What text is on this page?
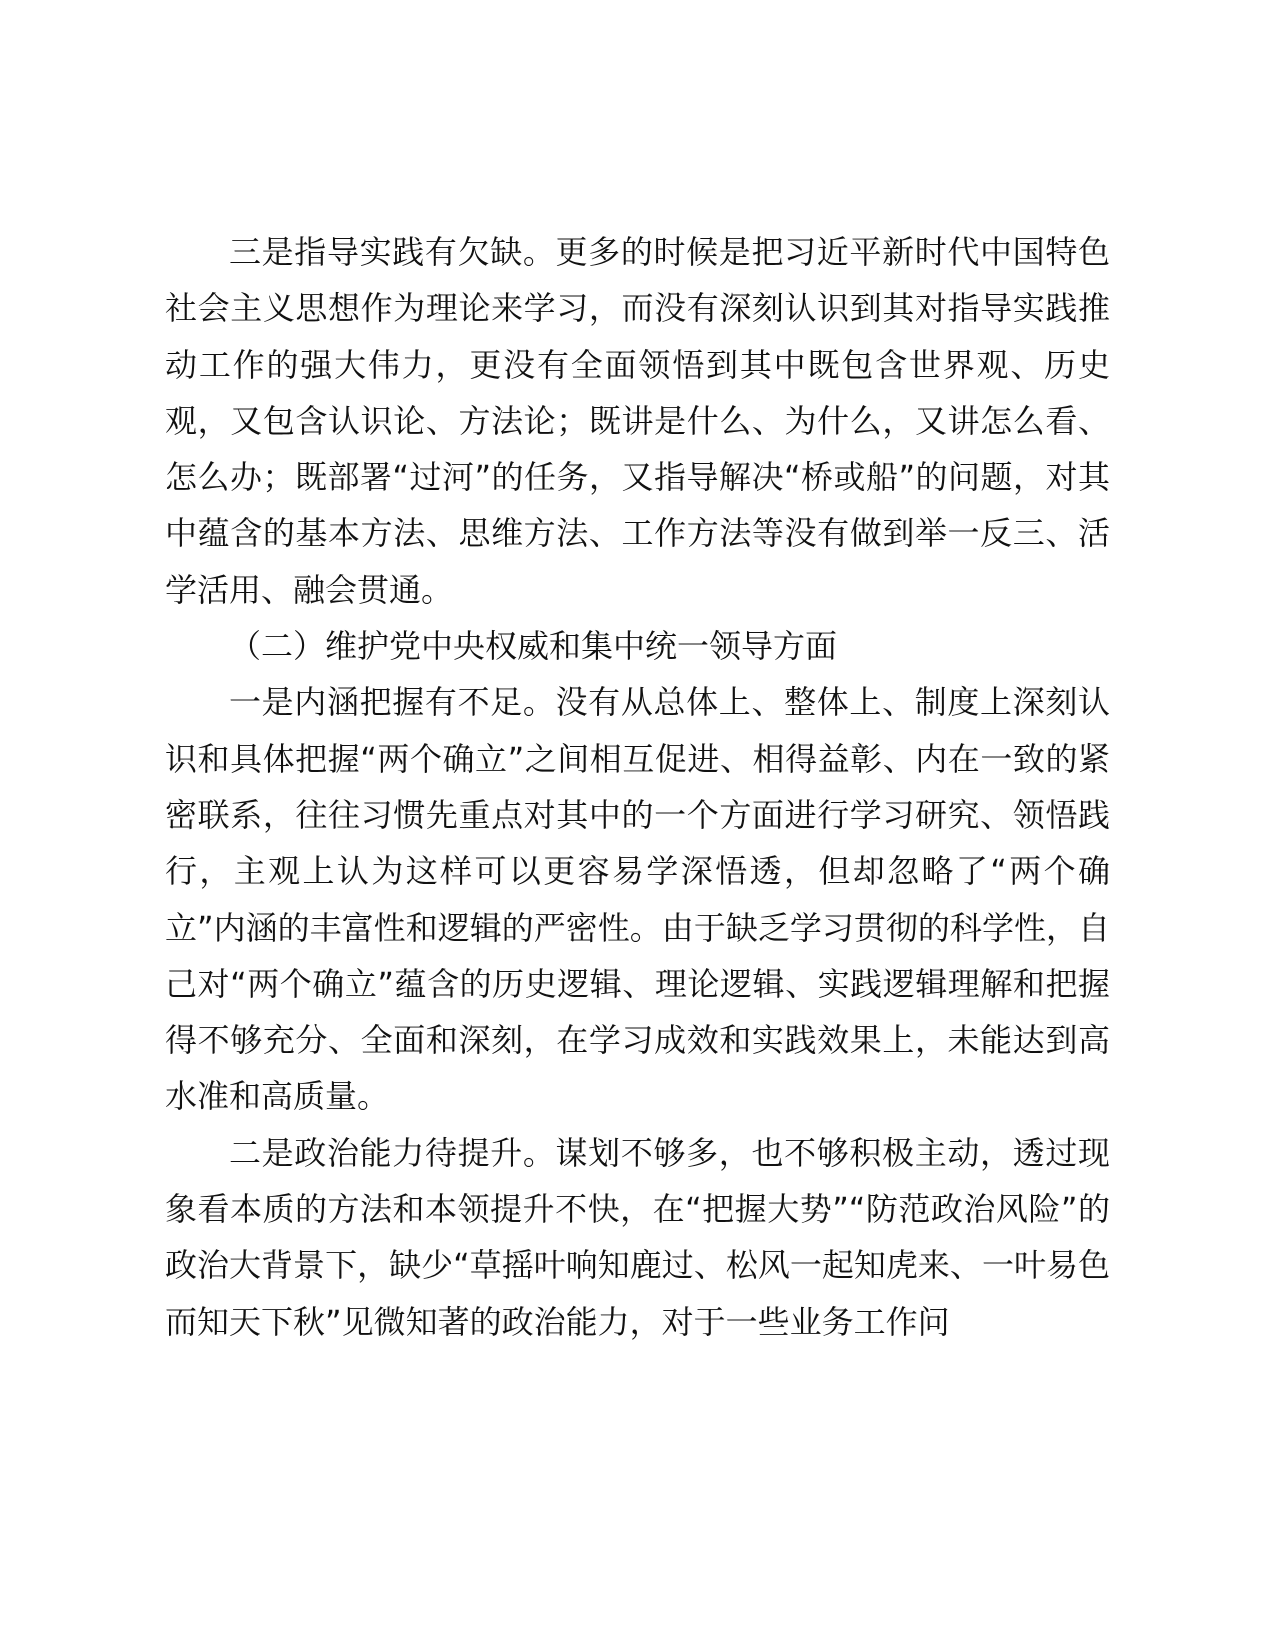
三是指导实践有欠缺。更多的时候是把习近平新时代中国特色社会主义思想作为理论来学习，而没有深刻认识到其对指导实践推动工作的强大伟力，更没有全面领悟到其中既包含世界观、历史观，又包含认识论、方法论；既讲是什么、为什么，又讲怎么看、怎么办；既部署“过河”的任务，又指导解决“桥或船”的问题，对其中蕴含的基本方法、思维方法、工作方法等没有做到举一反三、活学活用、融会贯通。

（二）维护党中央权威和集中统一领导方面

一是内涵把握有不足。没有从总体上、整体上、制度上深刻认识和具体把握“两个确立”之间相互促进、相得益彰、内在一致的紧密联系，往往习惯先重点对其中的一个方面进行学习研究、领悟践行，主观上认为这样可以更容易学深悟透，但却忽略了“两个确立”内涵的丰富性和逻辑的严密性。由于缺乏学习贯彻的科学性，自己对“两个确立”蕴含的历史逻辑、理论逻辑、实践逻辑理解和把握得不够充分、全面和深刻，在学习成效和实践效果上，未能达到高水准和高质量。

二是政治能力待提升。谋划不够多，也不够积极主动，透过现象看本质的方法和本领提升不快，在“把握大势”“防范政治风险”的政治大背景下，缺少“草摇叶响知鹿过、松风一起知虎来、一叶易色而知天下秋”见微知著的政治能力，对于一些业务工作问
